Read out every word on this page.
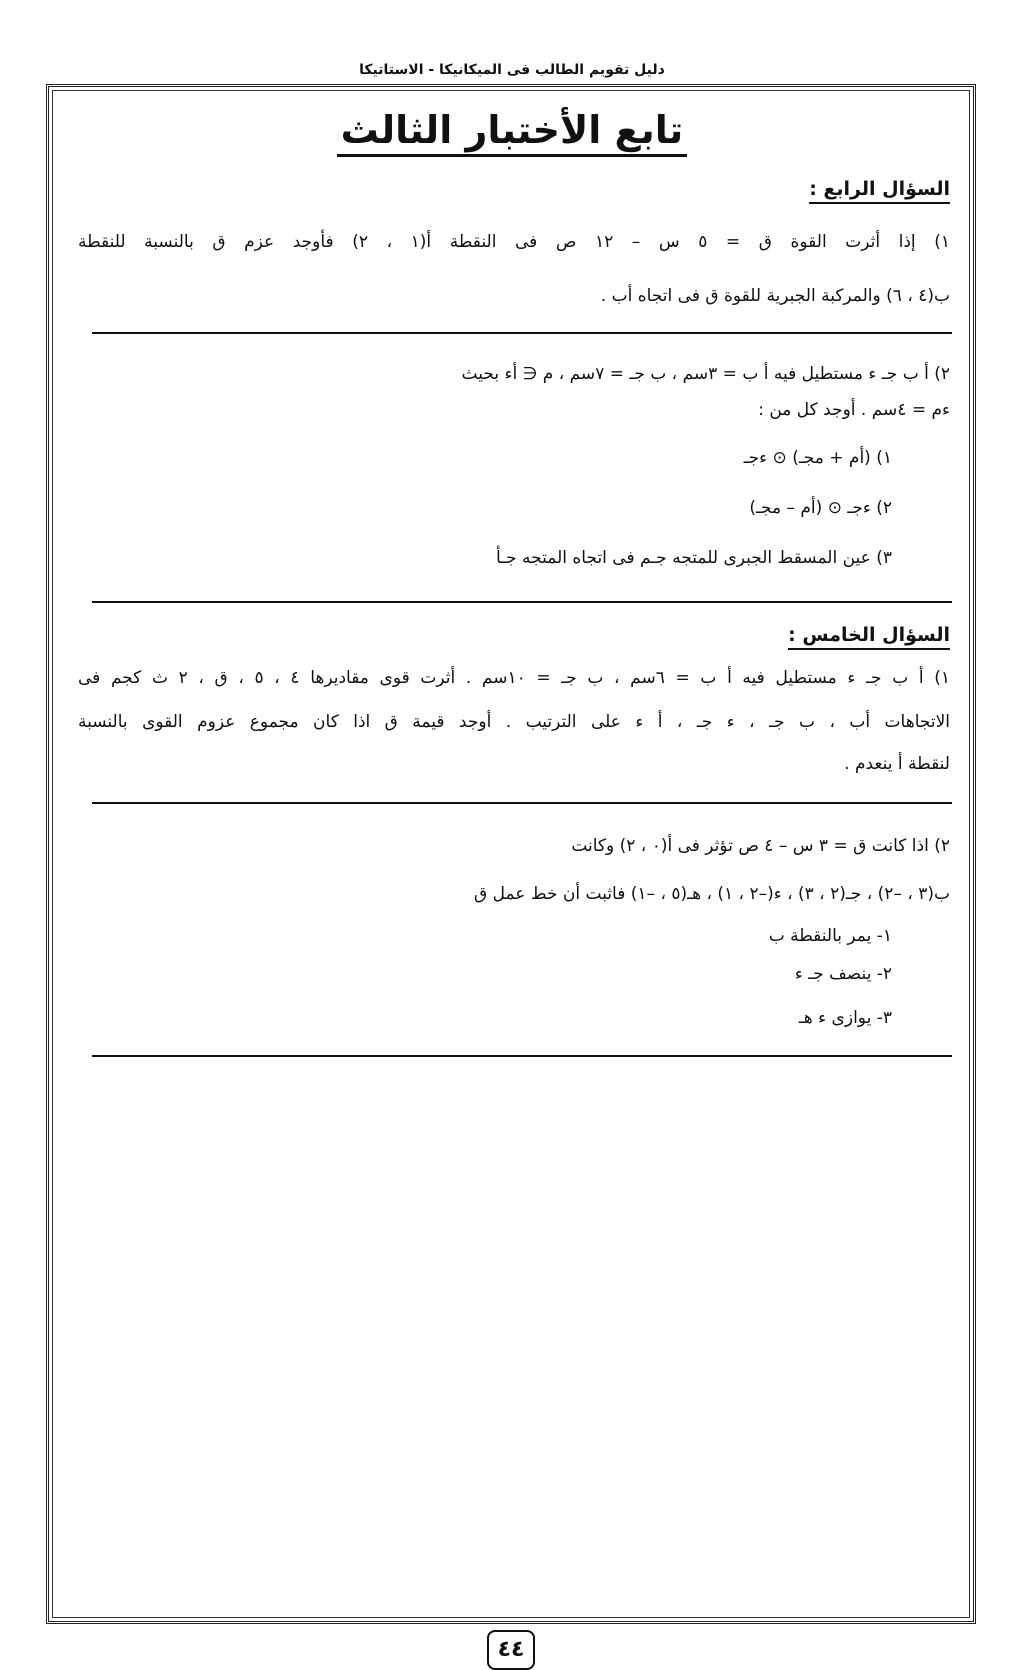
دليل تقويم الطالب فى الميكانيكا - الاستاتيكا
تابع الأختبار الثالث
السؤال الرابع :
١) إذا أثرت القوة ق = ٥ س – ١٢ ص فى النقطة أ(١ ، ٢) فأوجد عزم ق بالنسبة للنقطة
ب(٤ ، ٦) والمركبة الجبرية للقوة ق فى اتجاه أب .
٢) أ ب جـ ء مستطيل فيه أ ب = ٣سم ، ب جـ = ٧سم ، م ∈ أء بحيث
ءم = ٤سم . أوجد كل من :
١) (أم + مجـ) ⊙ ءجـ
٢) ءجـ ⊙ (أم – مجـ)
٣) عين المسقط الجبرى للمتجه جـم فى اتجاه المتجه جـأ
السؤال الخامس :
١) أ ب جـ ء مستطيل فيه أ ب = ٦سم ، ب جـ = ١٠سم . أثرت قوى مقاديرها ٤ ، ٥ ، ق ، ٢ ث كجم فى
الاتجاهات أب ، ب جـ ، ء جـ ، أ ء على الترتيب . أوجد قيمة ق اذا كان مجموع عزوم القوى بالنسبة
لنقطة أ ينعدم .
٢) اذا كانت ق = ٣ س – ٤ ص تؤثر فى أ(٠ ، ٢) وكانت
ب(٣ ، –٢) ، جـ(٢ ، ٣) ، ء(–٢ ، ١) ، هـ(٥ ، –١) فاثبت أن خط عمل ق
١- يمر بالنقطة ب
٢- ينصف جـ ء
٣- يوازى ء هـ
٤٤
